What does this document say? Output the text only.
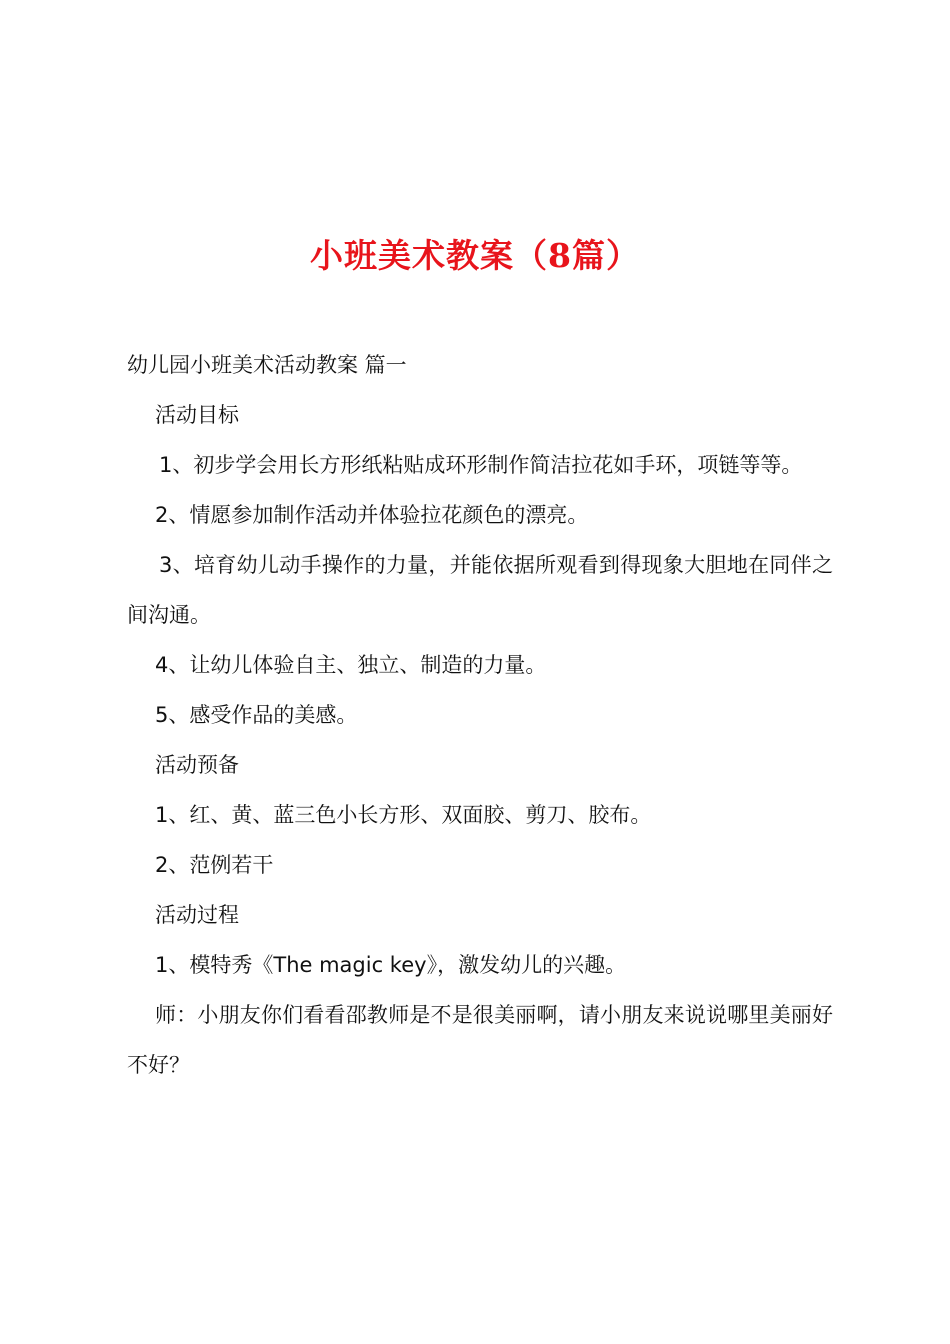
小班美术教案（8篇）

幼儿园小班美术活动教案 篇一

活动目标

1、初步学会用长方形纸粘贴成环形制作简洁拉花如手环，项链等等。

2、情愿参加制作活动并体验拉花颜色的漂亮。

3、培育幼儿动手操作的力量，并能依据所观看到得现象大胆地在同伴之间沟通。

4、让幼儿体验自主、独立、制造的力量。

5、感受作品的美感。

活动预备

1、红、黄、蓝三色小长方形、双面胶、剪刀、胶布。

2、范例若干

活动过程

1、模特秀《The magic key》，激发幼儿的兴趣。

师：小朋友你们看看邵教师是不是很美丽啊，请小朋友来说说哪里美丽好不好？
